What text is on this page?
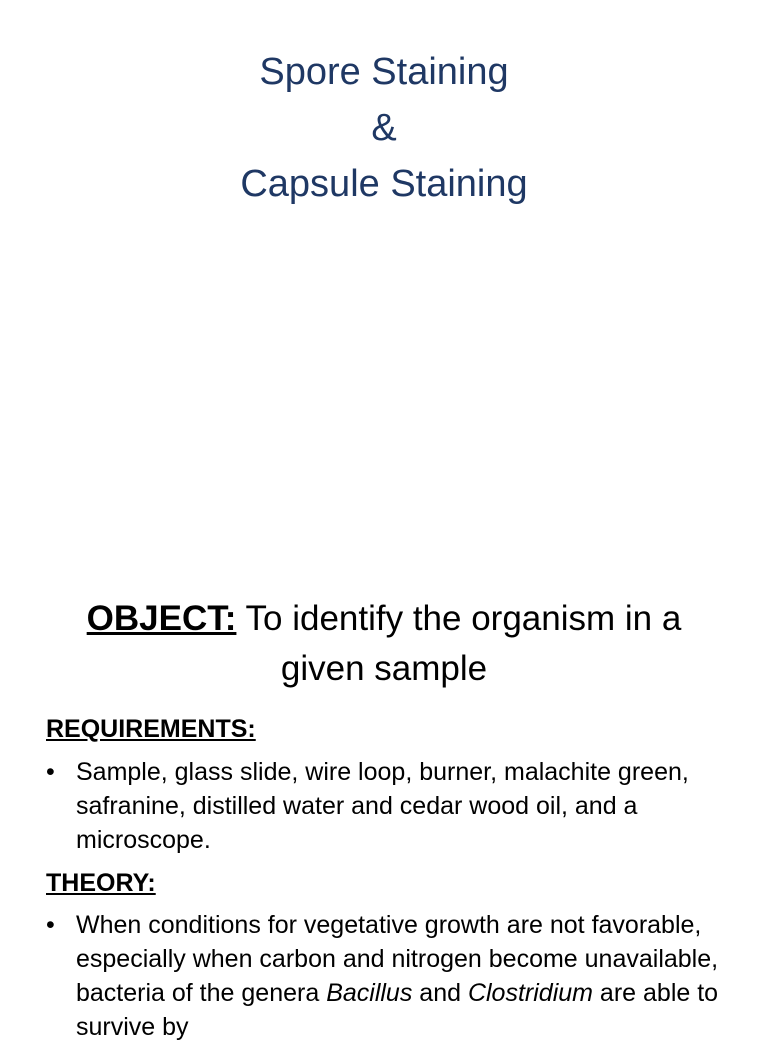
Spore Staining
&
Capsule Staining
OBJECT: To identify the organism in a
given sample
REQUIREMENTS:
• Sample, glass slide, wire loop, burner, malachite green, safranine, distilled water and cedar wood oil, and a microscope.
THEORY:
• When conditions for vegetative growth are not favorable, especially when carbon and nitrogen become unavailable, bacteria of the genera Bacillus and Clostridium are able to survive by
